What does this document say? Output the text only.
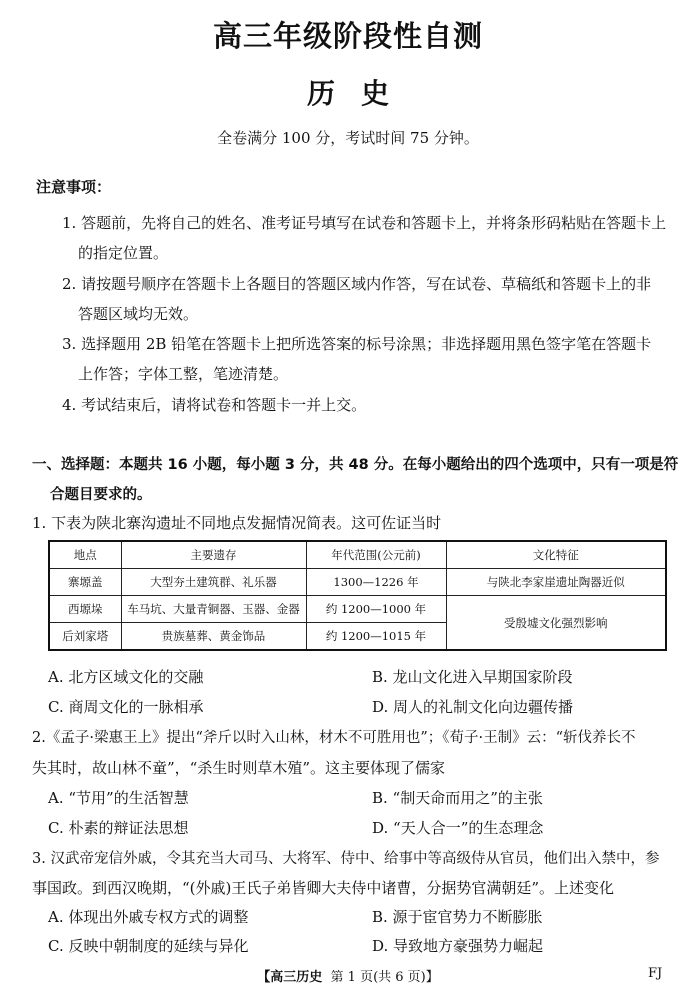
高三年级阶段性自测
历史
全卷满分 100 分，考试时间 75 分钟。
注意事项：
1. 答题前，先将自己的姓名、准考证号填写在试卷和答题卡上，并将条形码粘贴在答题卡上
的指定位置。
2. 请按题号顺序在答题卡上各题目的答题区域内作答，写在试卷、草稿纸和答题卡上的非
答题区域均无效。
3. 选择题用 2B 铅笔在答题卡上把所选答案的标号涂黑；非选择题用黑色签字笔在答题卡
上作答；字体工整，笔迹清楚。
4. 考试结束后，请将试卷和答题卡一并上交。
一、选择题：本题共 16 小题，每小题 3 分，共 48 分。在每小题给出的四个选项中，只有一项是符
合题目要求的。
1. 下表为陕北寨沟遗址不同地点发掘情况简表。这可佐证当时
地点	主要遗存	年代范围(公元前)	文化特征
寨塬盖	大型夯土建筑群、礼乐器	1300—1226 年	与陕北李家崖遗址陶器近似
西塬垛	车马坑、大量青铜器、玉器、金器	约 1200—1000 年	受殷墟文化强烈影响
后刘家塔	贵族墓葬、黄金饰品	约 1200—1015 年	
A. 北方区域文化的交融	B. 龙山文化进入早期国家阶段
C. 商周文化的一脉相承	D. 周人的礼制文化向边疆传播
2.《孟子·梁惠王上》提出“斧斤以时入山林，材木不可胜用也”；《荀子·王制》云：“斩伐养长不
失其时，故山林不童”，“杀生时则草木殖”。这主要体现了儒家
A. “节用”的生活智慧	B. “制天命而用之”的主张
C. 朴素的辩证法思想	D. “天人合一”的生态理念
3. 汉武帝宠信外戚，令其充当大司马、大将军、侍中、给事中等高级侍从官员，他们出入禁中，参
事国政。到西汉晚期，“(外戚)王氏子弟皆卿大夫侍中诸曹，分据势官满朝廷”。上述变化
A. 体现出外戚专权方式的调整	B. 源于宦官势力不断膨胀
C. 反映中朝制度的延续与异化	D. 导致地方豪强势力崛起
【高三历史 第 1 页(共 6 页)】	FJ
